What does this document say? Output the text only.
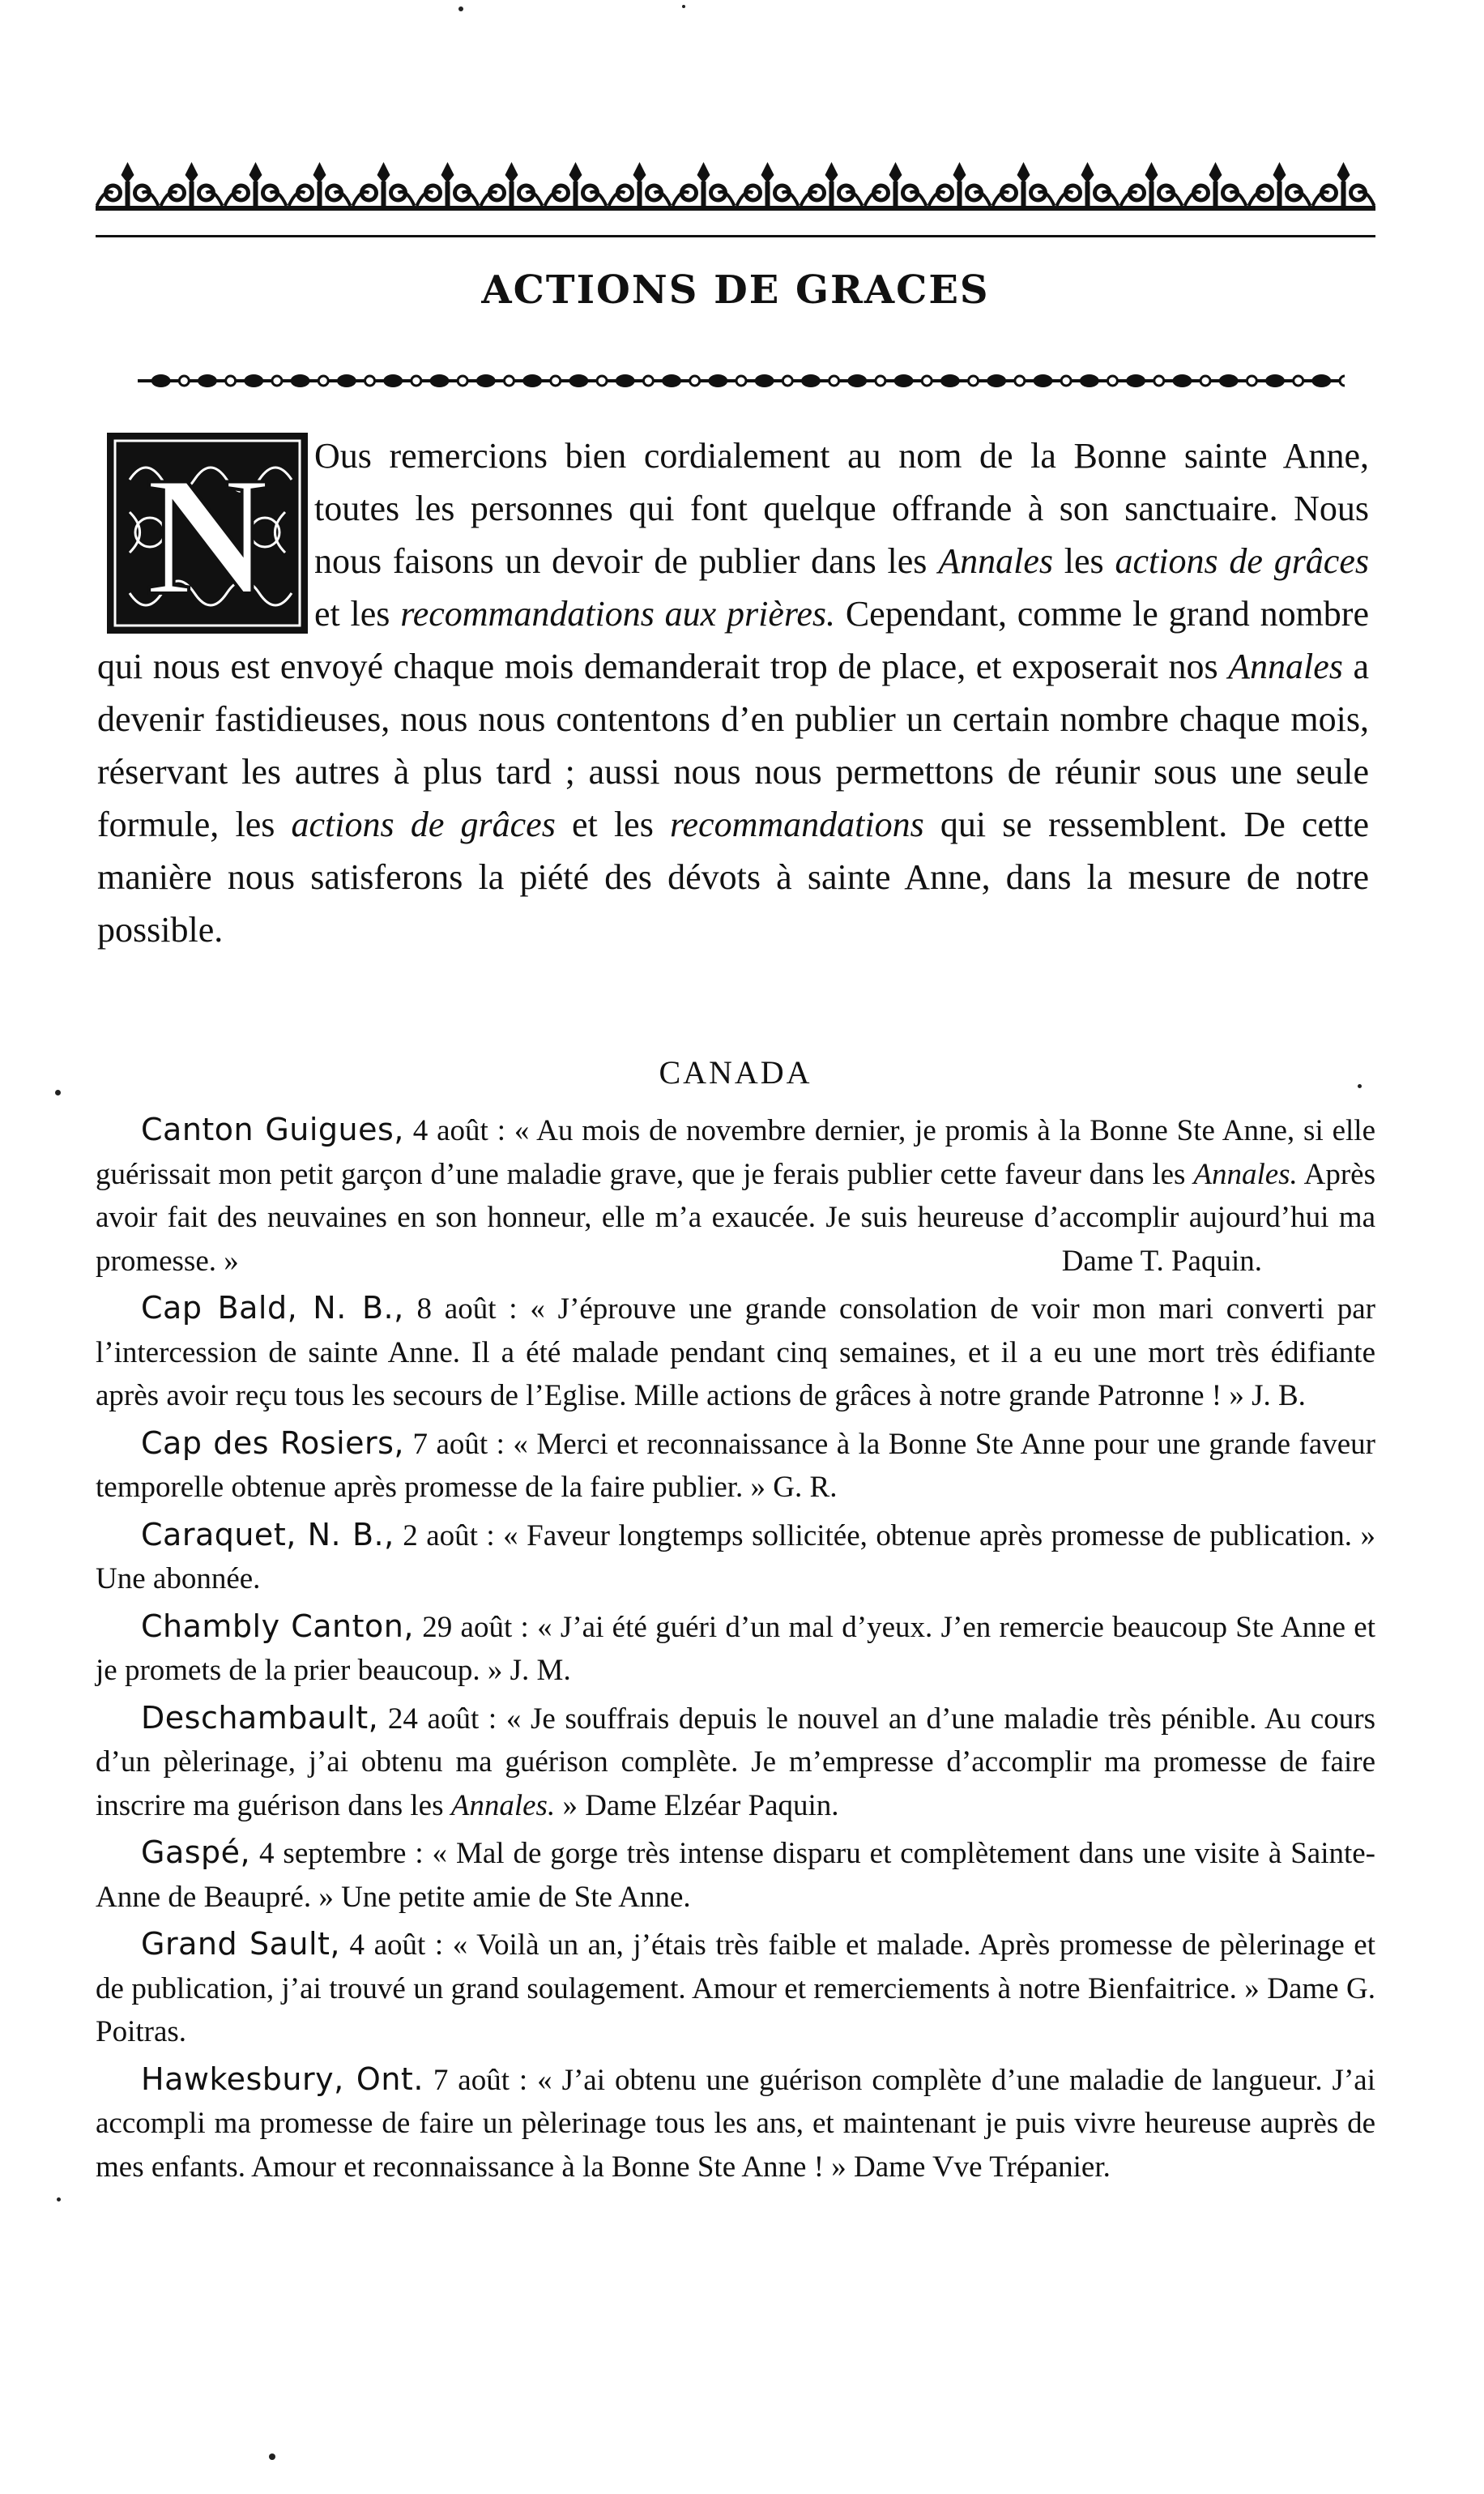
ACTIONS DE GRACES
N	Ous remercions bien cordialement au nom de la Bonne sainte Anne, toutes les personnes qui font quelque offrande à son sanctuaire. Nous nous faisons un devoir de publier dans les Annales les actions de grâces et les recommandations aux prières. Cependant, comme le grand nombre qui nous est envoyé chaque mois demanderait trop de place, et exposerait nos Annales a devenir fastidieuses, nous nous contentons d’en publier un certain nombre chaque mois, réservant les autres à plus tard ; aussi nous nous permettons de réunir sous une seule formule, les actions de grâces et les recommandations qui se ressemblent. De cette manière nous satisferons la piété des dévots à sainte Anne, dans la mesure de notre possible.
CANADA

Canton Guigues, 4 août : « Au mois de novembre dernier, je promis à la Bonne Ste Anne, si elle guérissait mon petit garçon d’une maladie grave, que je ferais publier cette faveur dans les Annales. Après avoir fait des neuvaines en son honneur, elle m’a exaucée. Je suis heureuse d’accomplir aujourd’hui ma promesse. »	Dame T. Paquin.

Cap Bald, N. B., 8 août : « J’éprouve une grande consolation de voir mon mari converti par l’intercession de sainte Anne. Il a été malade pendant cinq semaines, et il a eu une mort très édifiante après avoir reçu tous les secours de l’Eglise. Mille actions de grâces à notre grande Patronne ! » J. B.

Cap des Rosiers, 7 août : « Merci et reconnaissance à la Bonne Ste Anne pour une grande faveur temporelle obtenue après promesse de la faire publier. » G. R.

Caraquet, N. B., 2 août : « Faveur longtemps sollicitée, obtenue après promesse de publication. » Une abonnée.

Chambly Canton, 29 août : « J’ai été guéri d’un mal d’yeux. J’en remercie beaucoup Ste Anne et je promets de la prier beaucoup. » J. M.

Deschambault, 24 août : « Je souffrais depuis le nouvel an d’une maladie très pénible. Au cours d’un pèlerinage, j’ai obtenu ma guérison complète. Je m’empresse d’accomplir ma promesse de faire inscrire ma guérison dans les Annales. » Dame Elzéar Paquin.

Gaspé, 4 septembre : « Mal de gorge très intense disparu et complètement dans une visite à Sainte-Anne de Beaupré. » Une petite amie de Ste Anne.

Grand Sault, 4 août : « Voilà un an, j’étais très faible et malade. Après promesse de pèlerinage et de publication, j’ai trouvé un grand soulagement. Amour et remerciements à notre Bienfaitrice. » Dame G. Poitras.

Hawkesbury, Ont. 7 août : « J’ai obtenu une guérison complète d’une maladie de langueur. J’ai accompli ma promesse de faire un pèlerinage tous les ans, et maintenant je puis vivre heureuse auprès de mes enfants. Amour et reconnaissance à la Bonne Ste Anne ! » Dame Vve Trépanier.
